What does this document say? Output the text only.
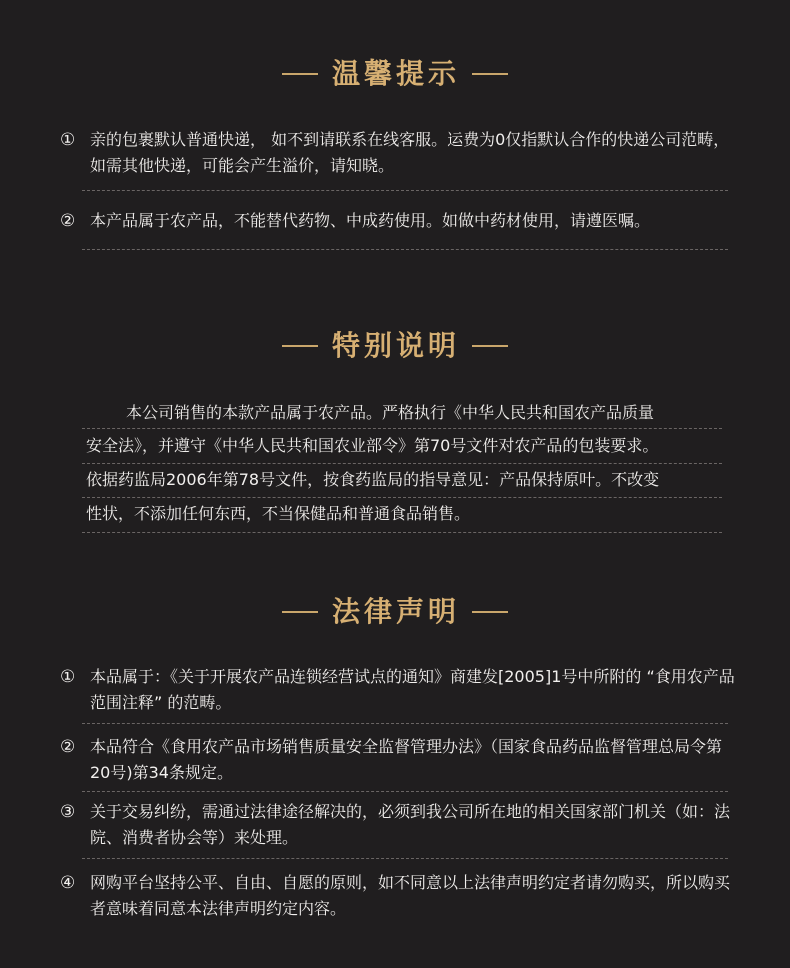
温馨提示
① 亲的包裹默认普通快递， 如不到请联系在线客服。运费为0仅指默认合作的快递公司范畴，如需其他快递，可能会产生溢价，请知晓。
② 本产品属于农产品，不能替代药物、中成药使用。如做中药材使用，请遵医嘱。
特别说明
本公司销售的本款产品属于农产品。严格执行《中华人民共和国农产品质量
安全法》，并遵守《中华人民共和国农业部令》第70号文件对农产品的包装要求。
依据药监局2006年第78号文件，按食药监局的指导意见：产品保持原叶。不改变
性状，不添加任何东西，不当保健品和普通食品销售。
法律声明
① 本品属于：《关于开展农产品连锁经营试点的通知》商建发[2005]1号中所附的 “食用农产品范围注释” 的范畴。
② 本品符合《食用农产品市场销售质量安全监督管理办法》（国家食品药品监督管理总局令第20号)第34条规定。
③ 关于交易纠纷，需通过法律途径解决的，必须到我公司所在地的相关国家部门机关（如：法院、消费者协会等）来处理。
④ 网购平台坚持公平、自由、自愿的原则，如不同意以上法律声明约定者请勿购买，所以购买者意味着同意本法律声明约定内容。
